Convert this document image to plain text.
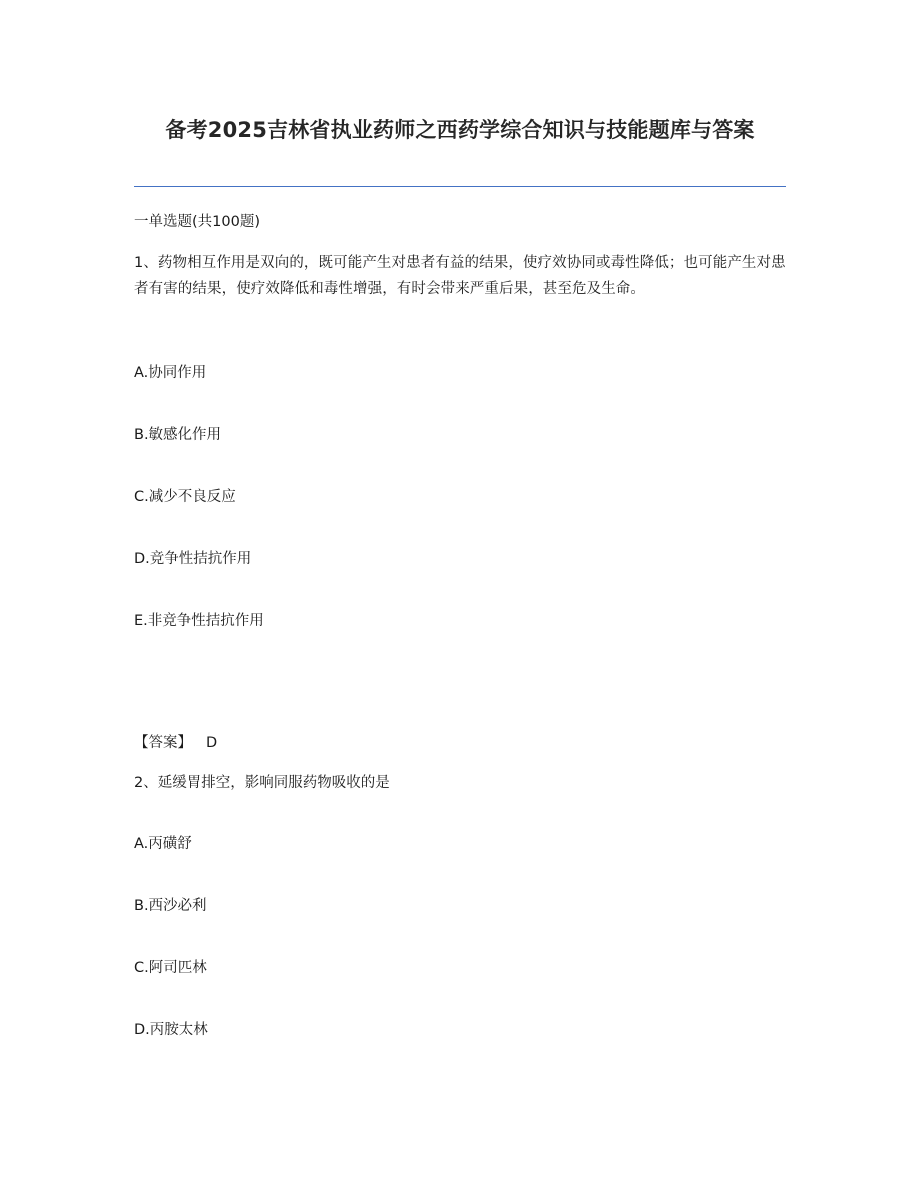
备考2025吉林省执业药师之西药学综合知识与技能题库与答案
一单选题(共100题)
1、药物相互作用是双向的，既可能产生对患者有益的结果，使疗效协同或毒性降低；也可能产生对患者有害的结果，使疗效降低和毒性增强，有时会带来严重后果，甚至危及生命。
A.协同作用
B.敏感化作用
C.减少不良反应
D.竞争性拮抗作用
E.非竞争性拮抗作用
【答案】 D
2、延缓胃排空，影响同服药物吸收的是
A.丙磺舒
B.西沙必利
C.阿司匹林
D.丙胺太林
